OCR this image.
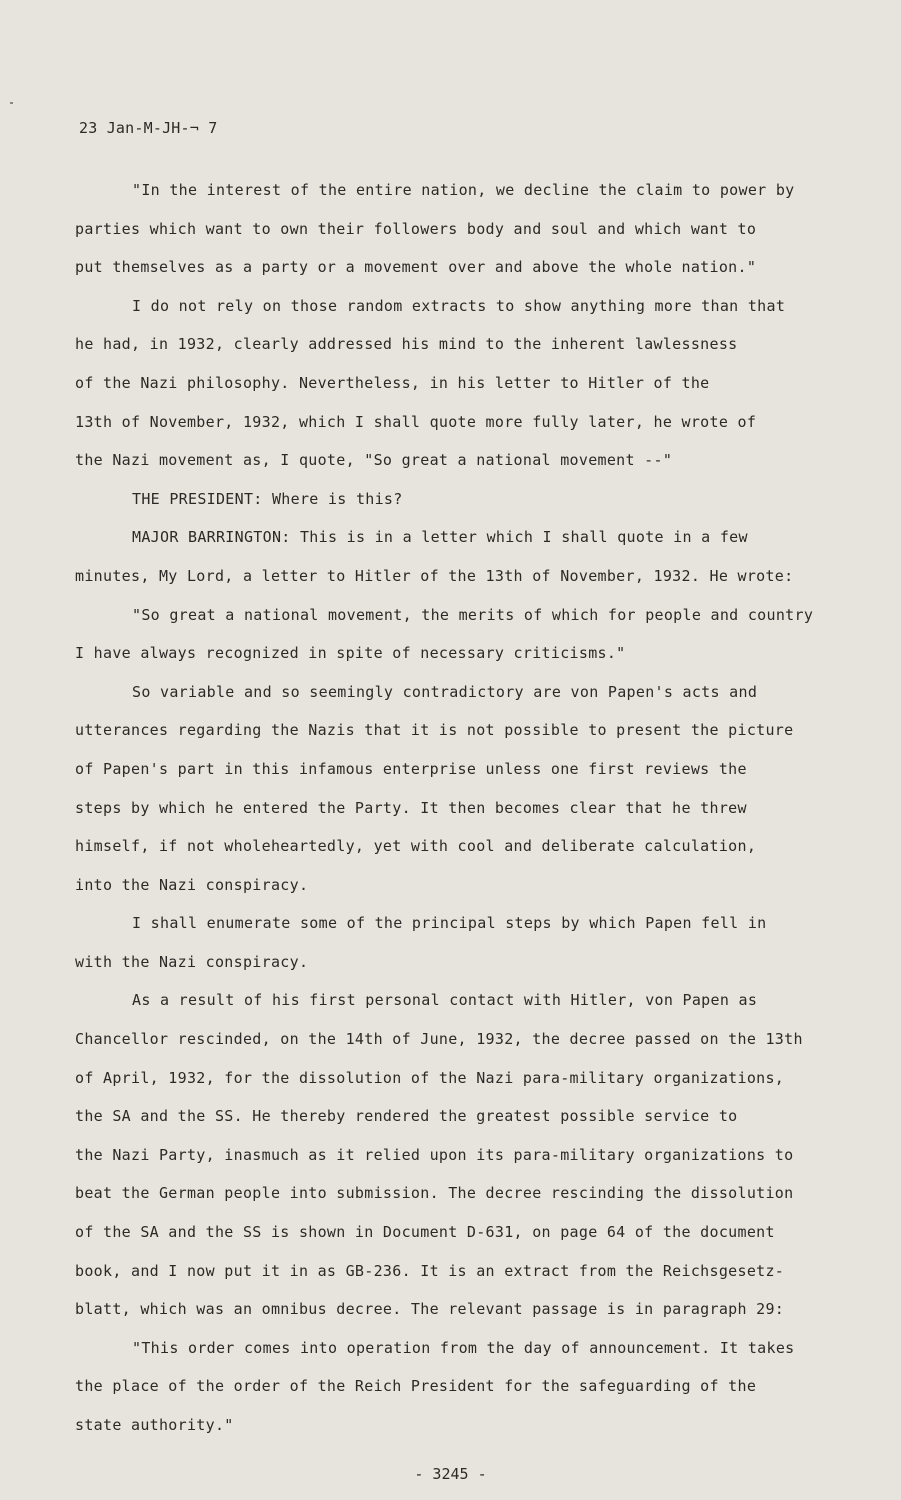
23 Jan-M-JH-¬ 7

"In the interest of the entire nation, we decline the claim to power by
parties which want to own their followers body and soul and which want to
put themselves as a party or a movement over and above the whole nation."

I do not rely on those random extracts to show anything more than that
he had, in 1932, clearly addressed his mind to the inherent lawlessness
of the Nazi philosophy. Nevertheless, in his letter to Hitler of the
13th of November, 1932, which I shall quote more fully later, he wrote of
the Nazi movement as, I quote, "So great a national movement --"

THE PRESIDENT: Where is this?

MAJOR BARRINGTON: This is in a letter which I shall quote in a few
minutes, My Lord, a letter to Hitler of the 13th of November, 1932. He wrote:

"So great a national movement, the merits of which for people and country
I have always recognized in spite of necessary criticisms."

So variable and so seemingly contradictory are von Papen's acts and
utterances regarding the Nazis that it is not possible to present the picture
of Papen's part in this infamous enterprise unless one first reviews the
steps by which he entered the Party. It then becomes clear that he threw
himself, if not wholeheartedly, yet with cool and deliberate calculation,
into the Nazi conspiracy.

I shall enumerate some of the principal steps by which Papen fell in
with the Nazi conspiracy.

As a result of his first personal contact with Hitler, von Papen as
Chancellor rescinded, on the 14th of June, 1932, the decree passed on the 13th
of April, 1932, for the dissolution of the Nazi para-military organizations,
the SA and the SS. He thereby rendered the greatest possible service to
the Nazi Party, inasmuch as it relied upon its para-military organizations to
beat the German people into submission. The decree rescinding the dissolution
of the SA and the SS is shown in Document D-631, on page 64 of the document
book, and I now put it in as GB-236. It is an extract from the Reichsgesetz-
blatt, which was an omnibus decree. The relevant passage is in paragraph 29:

"This order comes into operation from the day of announcement. It takes
the place of the order of the Reich President for the safeguarding of the
state authority."

- 3245 -
